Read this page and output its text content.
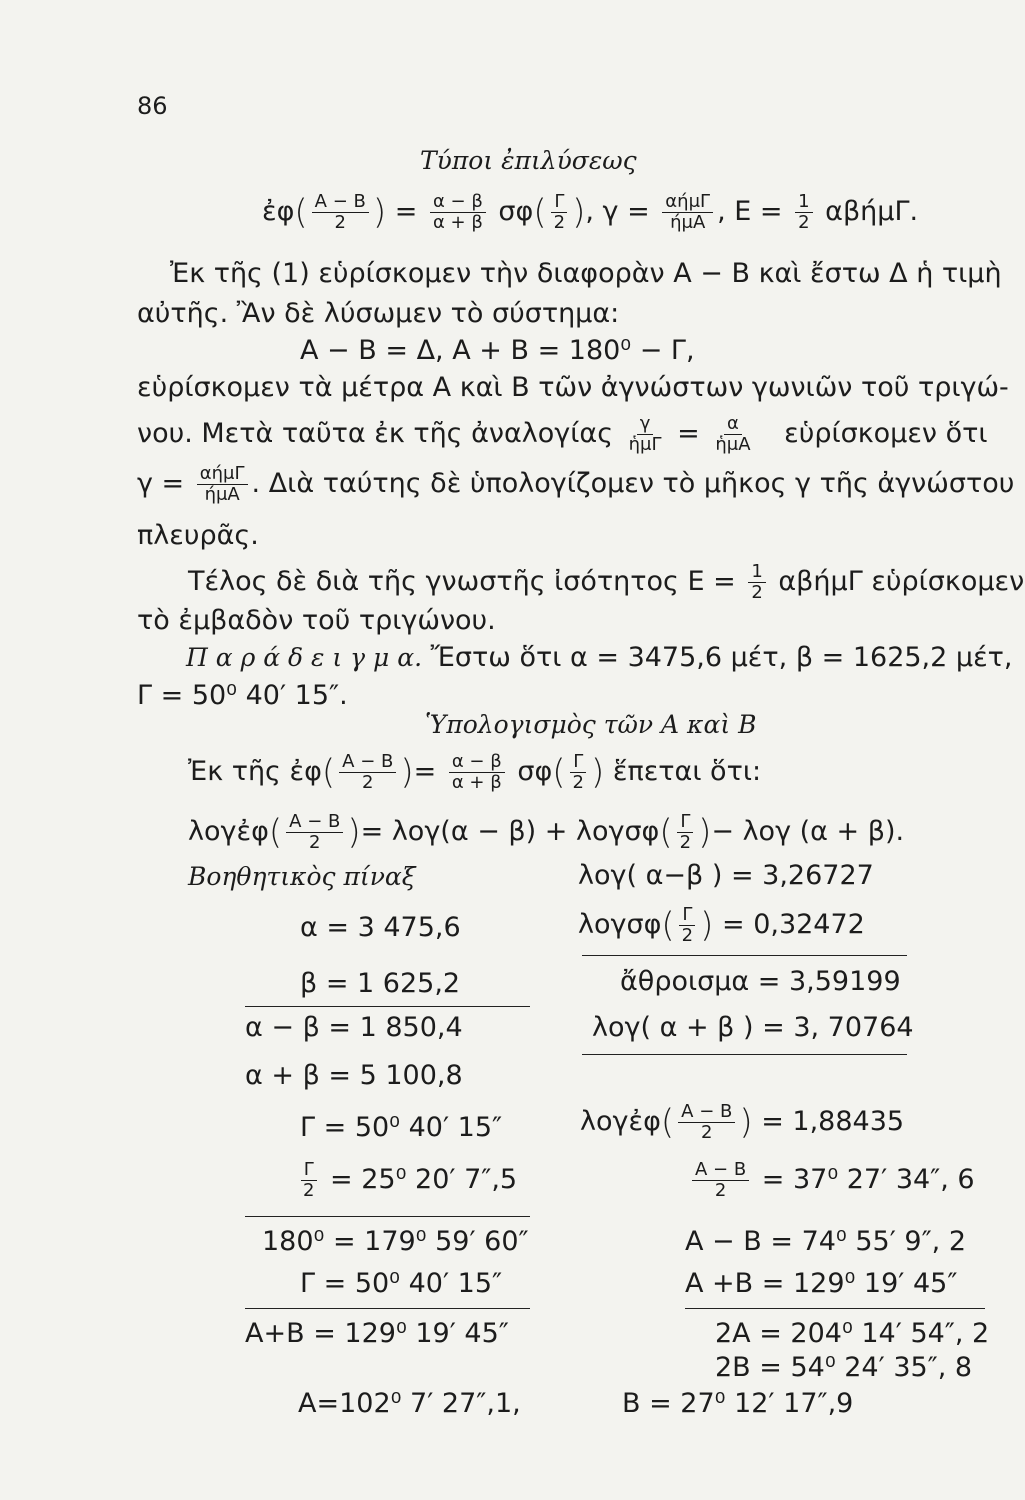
86
Τύποι ἐπιλύσεως
ἐφ( $\frac{A - B}{2}$ ) = $\frac{\alpha - \beta}{\alpha + \beta} \sigma\varphi( \frac{\Gamma}{2}$ ), $\gamma = \frac{\text{αήμΓ}}{\text{ήμΑ}}$ , $E = \frac{1}{2} \alpha\beta ή\mu\Gamma$.
Ἐκ τῆς (1) εὑρίσκομεν τὴν διαφορὰν Α − Β καὶ ἔστω Δ ἡ τιμὴ
αὐτῆς. Ἂν δὲ λύσωμεν τὸ σύστημα:
Α − Β = Δ, Α + Β = 180⁰ − Γ,
εὑρίσκομεν τὰ μέτρα Α καὶ Β τῶν ἀγνώστων γωνιῶν τοῦ τριγώ-
νου. Μετὰ ταῦτα ἐκ τῆς ἀναλογίας $\frac{\gamma}{\text{ἡμΓ}} = \frac{\alpha}{\text{ἡμΑ}}$ εὑρίσκομεν ὅτι
$\gamma = \frac{\text{αήμΓ}}{\text{ήμΑ}}$ . Διὰ ταύτης δὲ ὑπολογίζομεν τὸ μῆκος γ τῆς ἀγνώστου
πλευρᾶς.
Τέλος δὲ διὰ τῆς γνωστῆς ἰσότητος $E = \frac{1}{2}$ αβήμΓ εὑρίσκομεν
τὸ ἐμβαδὸν τοῦ τριγώνου.
Π α ρ ά δ ε ι γ μ α. Ἔστω ὅτι α = 3475,6 μέτ, β = 1625,2 μέτ,
Γ = 50⁰ 40′ 15″.
Ὑπολογισμὸς τῶν Α καὶ Β
Ἐκ τῆς ἐφ( $\frac{A - B}{2}$ )= $\frac{\alpha - \beta}{\alpha + \beta} \sigma\varphi( \frac{\Gamma}{2}$ ) ἕπεται ὅτι:
λογἐφ( $\frac{A - B}{2}$ )= $\lambda o\gamma(\alpha - \beta) + \lambda o\gamma\sigma\varphi( \frac{\Gamma}{2}$ )− λογ (α + β).
Βοηθητικὸς πίναξ
α = 3 475,6
β = 1 625,2
α − β = 1 850,4
α + β = 5 100,8
Γ = 50⁰ 40′ 15″
$\frac{\Gamma}{2} = 25^0$ 20′ 7″,5
180⁰ = 179⁰ 59′ 60″
Γ = 50⁰ 40′ 15″
Α+Β = 129⁰ 19′ 45″
λογ( α−β ) = 3,26727
$\lambda o\gamma\sigma\varphi( \frac{\Gamma}{2}$ ) = 0,32472
ἄθροισμα = 3,59199
λογ( α + β ) = 3, 70764
λογἐφ( $\frac{A - B}{2}$ ) = 1,88435
$\frac{A - B}{2} = 37^0$ 27′ 34″, 6
Α − Β = 74⁰ 55′ 9″, 2
Α +Β = 129⁰ 19′ 45″
2Α = 204⁰ 14′ 54″, 2
2Β = 54⁰ 24′ 35″, 8
Α=102⁰ 7′ 27″,1,	Β = 27⁰ 12′ 17″,9
